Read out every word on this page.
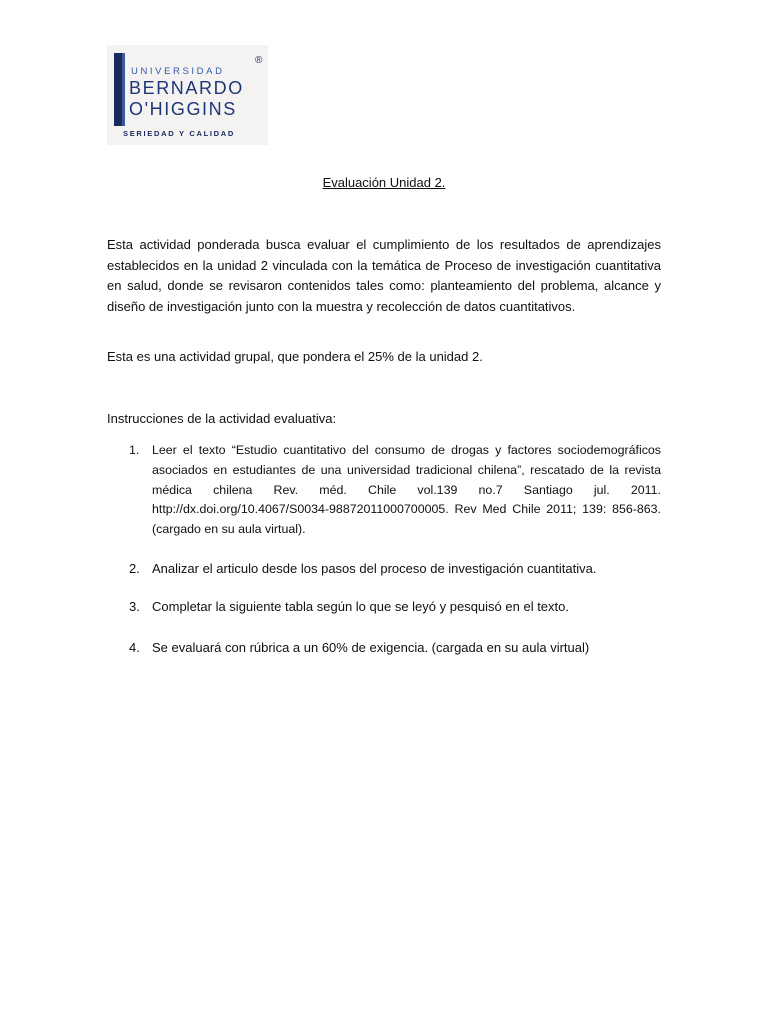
UNIVERSIDAD
BERNARDO
O'HIGGINS
SERIEDAD Y CALIDAD
®
Evaluación Unidad 2.

Esta actividad ponderada busca evaluar el cumplimiento de los resultados de aprendizajes establecidos en la unidad 2 vinculada con la temática de Proceso de investigación cuantitativa en salud, donde se revisaron contenidos tales como: planteamiento del problema, alcance y diseño de investigación junto con la muestra y recolección de datos cuantitativos.

Esta es una actividad grupal, que pondera el 25% de la unidad 2.

Instrucciones de la actividad evaluativa:

1. Leer el texto “Estudio cuantitativo del consumo de drogas y factores sociodemográficos asociados en estudiantes de una universidad tradicional chilena”, rescatado de la revista médica chilena Rev. méd. Chile vol.139 no.7 Santiago jul. 2011. http://dx.doi.org/10.4067/S0034-98872011000700005. Rev Med Chile 2011; 139: 856-863. (cargado en su aula virtual).
2. Analizar el articulo desde los pasos del proceso de investigación cuantitativa.
3. Completar la siguiente tabla según lo que se leyó y pesquisó en el texto.
4. Se evaluará con rúbrica a un 60% de exigencia. (cargada en su aula virtual)
